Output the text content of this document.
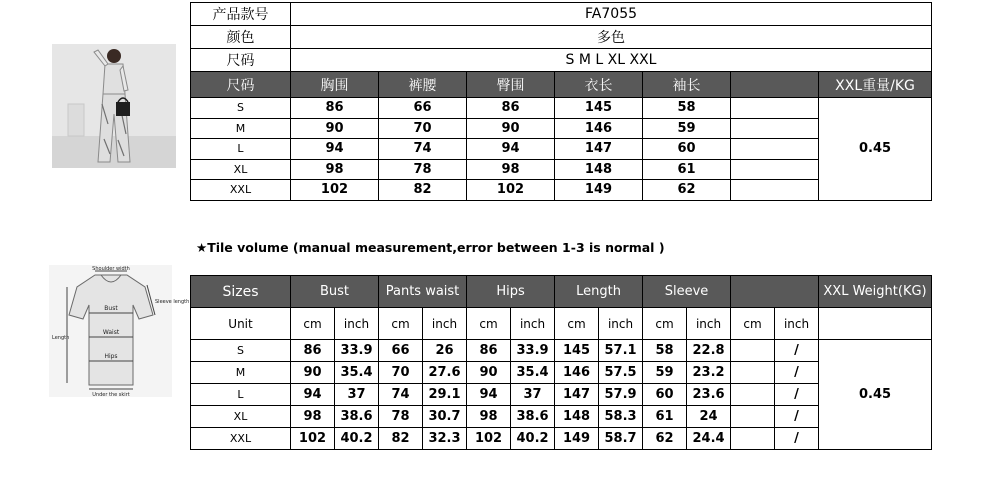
Shoulder width
Sleeve length
Bust
Waist
Hips
Length
Under the skirt
产品款号	FA7055						
颜色	多色						
尺码	S M L XL XXL						
尺码	胸围	裤腰	臀围	衣长	袖长		XXL重量/KG
S	86	66	86	145	58		0.45
M	90	70	90	146	59		
L	94	74	94	147	60		
XL	98	78	98	148	61		
XXL	102	82	102	149	62		
★Tile volume (manual measurement,error between 1-3 is normal )
Sizes	Bust		Pants waist		Hips		Length		Sleeve				XXL Weight(KG)
Unit	cm	inch	cm	inch	cm	inch	cm	inch	cm	inch	cm	inch	
S	86	33.9	66	26	86	33.9	145	57.1	58	22.8		/	0.45
M	90	35.4	70	27.6	90	35.4	146	57.5	59	23.2		/	
L	94	37	74	29.1	94	37	147	57.9	60	23.6		/	
XL	98	38.6	78	30.7	98	38.6	148	58.3	61	24		/	
XXL	102	40.2	82	32.3	102	40.2	149	58.7	62	24.4		/	
